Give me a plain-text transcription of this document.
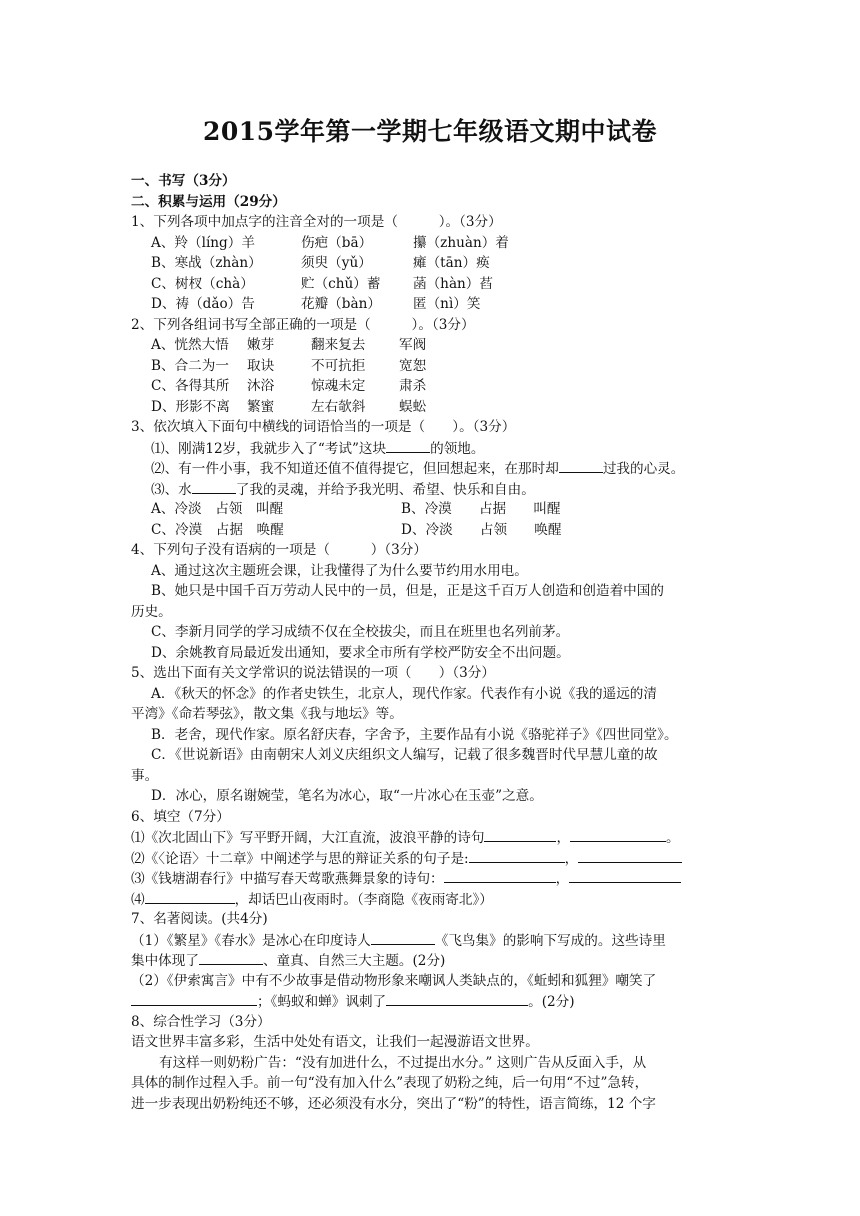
2015学年第一学期七年级语文期中试卷
一、书写（3分）
二、积累与运用（29分）
1、下列各项中加点字的注音全对的一项是（　　　）。（3分）
A、羚（líng）羊	伤疤（bā）	攥（zhuàn）着
B、寒战（zhàn）	须臾（yǔ）	瘫（tān）痪
C、树杈（chà）	贮（chǔ）蓄 菡（hàn）萏
D、祷（dǎo）告	花瓣（bàn） 匿（nì）笑
2、下列各组词书写全部正确的一项是（　　　）。（3分）
A、恍然大悟 嫩芽	翻来复去 军阀
B、合二为一 取诀	不可抗拒 宽恕
C、各得其所 沐浴	惊魂未定 肃杀
D、形影不离 繁蜜	左右欹斜 蜈蚣
3、依次填入下面句中横线的词语恰当的一项是（　　）。（3分）
⑴、刚满12岁，我就步入了“考试”这块	的领地。
⑵、有一件小事，我不知道还值不值得提它，但回想起来，在那时却	过我的心灵。
⑶、水	了我的灵魂，并给予我光明、希望、快乐和自由。
A、冷淡　占领　叫醒	B、冷漠　　占据　　叫醒
C、冷漠　占据　唤醒	D、冷淡　　占领　　唤醒
4、下列句子没有语病的一项是（　　　）（3分）
A、通过这次主题班会课，让我懂得了为什么要节约用水用电。
B、她只是中国千百万劳动人民中的一员，但是，正是这千百万人创造和创造着中国的
历史。
C、李新月同学的学习成绩不仅在全校拔尖，而且在班里也名列前茅。
D、余姚教育局最近发出通知，要求全市所有学校严防安全不出问题。
5、选出下面有关文学常识的说法错误的一项（　　）（3分）
A．《秋天的怀念》的作者史铁生，北京人，现代作家。代表作有小说《我的遥远的清
平湾》《命若琴弦》，散文集《我与地坛》等。
B．老舍，现代作家。原名舒庆春，字舍予，主要作品有小说《骆驼祥子》《四世同堂》。
C．《世说新语》由南朝宋人刘义庆组织文人编写，记载了很多魏晋时代早慧儿童的故
事。
D．冰心，原名谢婉莹，笔名为冰心，取“一片冰心在玉壶”之意。
6、填空（7分）
⑴《次北固山下》写平野开阔，大江直流，波浪平静的诗句	，	。
⑵《〈论语〉十二章》中阐述学与思的辩证关系的句子是:	，
⑶《钱塘湖春行》中描写春天莺歌燕舞景象的诗句：	，
⑷	，却话巴山夜雨时。（李商隐《夜雨寄北》）
7、名著阅读。(共4分)
（1）《繁星》《春水》是冰心在印度诗人	《飞鸟集》的影响下写成的。这些诗里
集中体现了	、童真、自然三大主题。(2分)
（2）《伊索寓言》中有不少故事是借动物形象来嘲讽人类缺点的，《蚯蚓和狐狸》嘲笑了
；《蚂蚁和蝉》讽刺了	。(2分)
8、综合性学习（3分）
语文世界丰富多彩，生活中处处有语文，让我们一起漫游语文世界。
有这样一则奶粉广告：“没有加进什么，不过提出水分。” 这则广告从反面入手，从
具体的制作过程入手。前一句“没有加入什么”表现了奶粉之纯，后一句用“不过”急转，
进一步表现出奶粉纯还不够，还必须没有水分，突出了“粉”的特性，语言简练，12 个字
